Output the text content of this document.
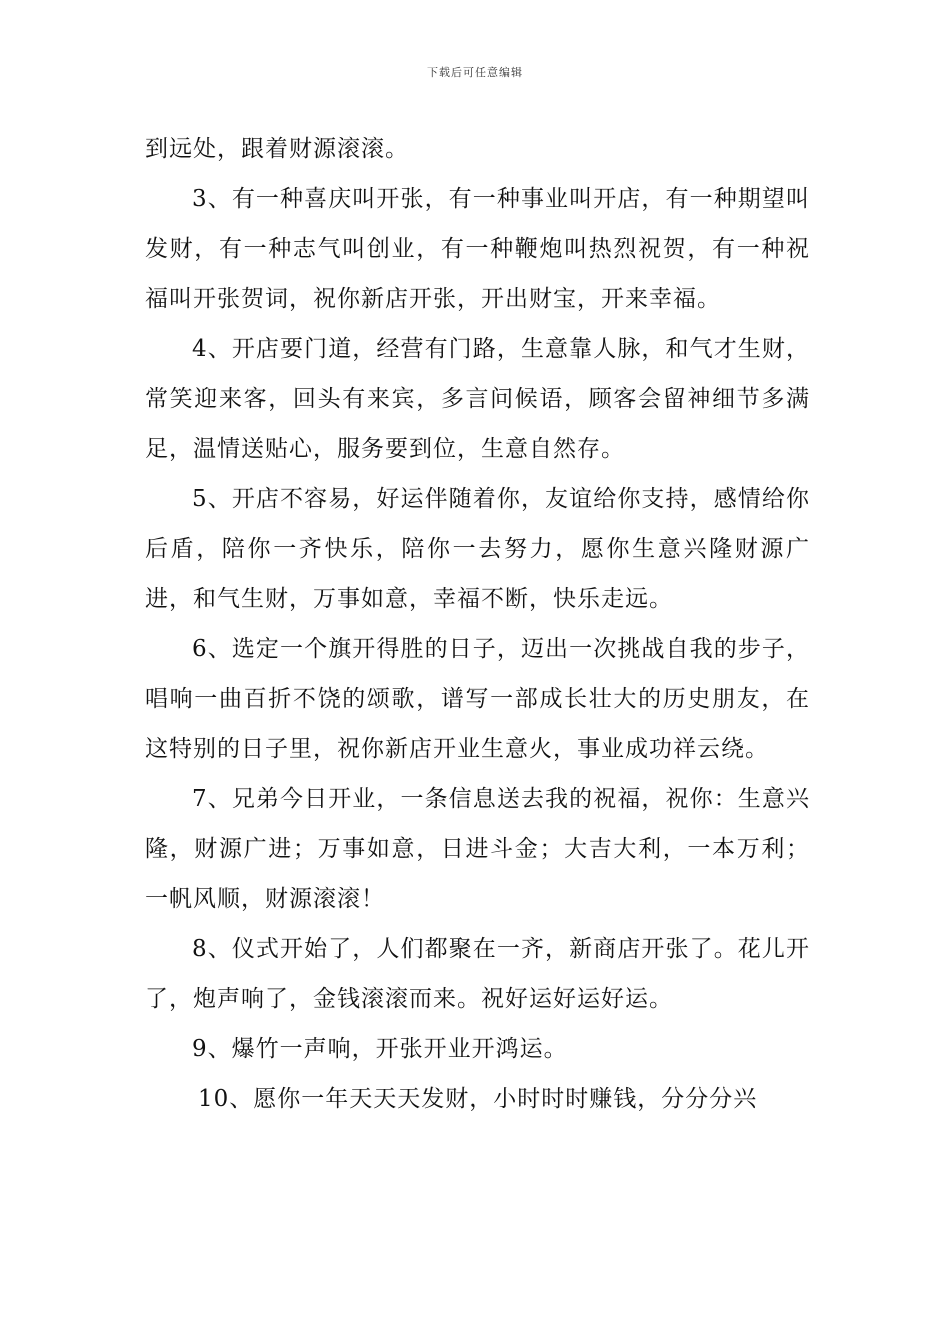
下载后可任意编辑

到远处，跟着财源滚滚。

3、有一种喜庆叫开张，有一种事业叫开店，有一种期望叫发财，有一种志气叫创业，有一种鞭炮叫热烈祝贺，有一种祝福叫开张贺词，祝你新店开张，开出财宝，开来幸福。

4、开店要门道，经营有门路，生意靠人脉，和气才生财，常笑迎来客，回头有来宾，多言问候语，顾客会留神细节多满足，温情送贴心，服务要到位，生意自然存。

5、开店不容易，好运伴随着你，友谊给你支持，感情给你后盾，陪你一齐快乐，陪你一去努力，愿你生意兴隆财源广进，和气生财，万事如意，幸福不断，快乐走远。

6、选定一个旗开得胜的日子，迈出一次挑战自我的步子，唱响一曲百折不饶的颂歌，谱写一部成长壮大的历史朋友，在这特别的日子里，祝你新店开业生意火，事业成功祥云绕。

7、兄弟今日开业，一条信息送去我的祝福，祝你：生意兴隆，财源广进；万事如意，日进斗金；大吉大利，一本万利；一帆风顺，财源滚滚！

8、仪式开始了，人们都聚在一齐，新商店开张了。花儿开了，炮声响了，金钱滚滚而来。祝好运好运好运。

9、爆竹一声响，开张开业开鸿运。

10、愿你一年天天天发财，小时时时赚钱，分分分兴
